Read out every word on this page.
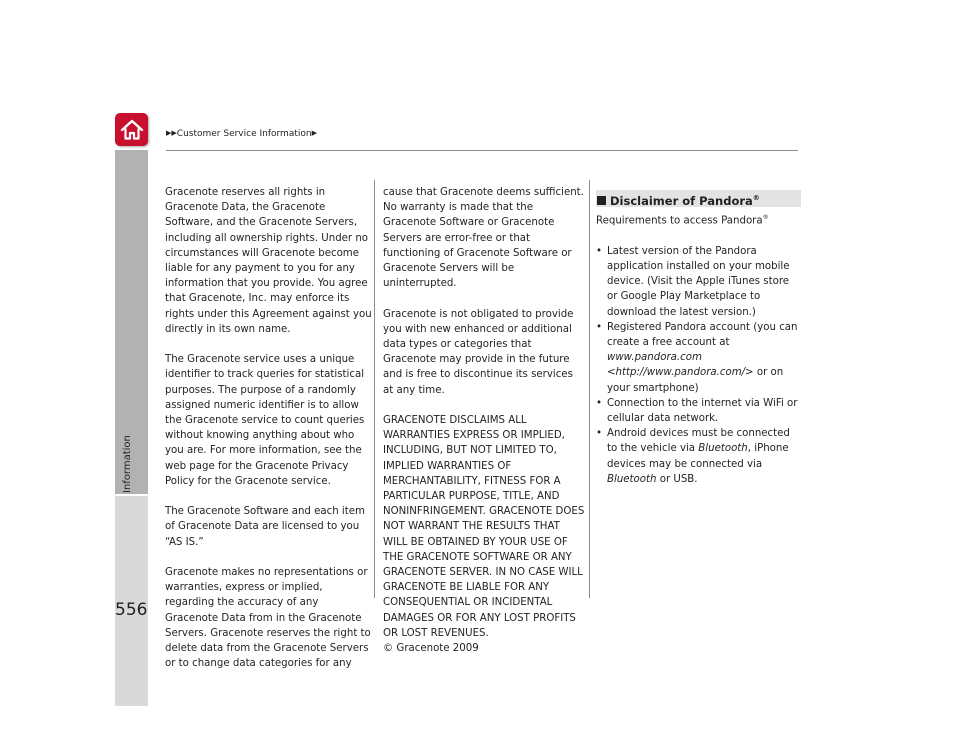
▶▶Customer Service Information▶
Information
556

Gracenote reserves all rights in Gracenote Data, the Gracenote Software, and the Gracenote Servers, including all ownership rights. Under no circumstances will Gracenote become liable for any payment to you for any information that you provide. You agree that Gracenote, Inc. may enforce its rights under this Agreement against you directly in its own name.

The Gracenote service uses a unique identifier to track queries for statistical purposes. The purpose of a randomly assigned numeric identifier is to allow the Gracenote service to count queries without knowing anything about who you are. For more information, see the web page for the Gracenote Privacy Policy for the Gracenote service.

The Gracenote Software and each item of Gracenote Data are licensed to you “AS IS.”

Gracenote makes no representations or warranties, express or implied, regarding the accuracy of any Gracenote Data from in the Gracenote Servers. Gracenote reserves the right to delete data from the Gracenote Servers or to change data categories for any

cause that Gracenote deems sufficient. No warranty is made that the Gracenote Software or Gracenote Servers are error-free or that functioning of Gracenote Software or Gracenote Servers will be uninterrupted.

Gracenote is not obligated to provide you with new enhanced or additional data types or categories that Gracenote may provide in the future and is free to discontinue its services at any time.

GRACENOTE DISCLAIMS ALL WARRANTIES EXPRESS OR IMPLIED, INCLUDING, BUT NOT LIMITED TO, IMPLIED WARRANTIES OF MERCHANTABILITY, FITNESS FOR A PARTICULAR PURPOSE, TITLE, AND NONINFRINGEMENT. GRACENOTE DOES NOT WARRANT THE RESULTS THAT WILL BE OBTAINED BY YOUR USE OF THE GRACENOTE SOFTWARE OR ANY GRACENOTE SERVER. IN NO CASE WILL GRACENOTE BE LIABLE FOR ANY CONSEQUENTIAL OR INCIDENTAL DAMAGES OR FOR ANY LOST PROFITS OR LOST REVENUES.

© Gracenote 2009

Disclaimer of Pandora®

Requirements to access Pandora®

• Latest version of the Pandora application installed on your mobile device. (Visit the Apple iTunes store or Google Play Marketplace to download the latest version.)
• Registered Pandora account (you can create a free account at www.pandora.com <http://www.pandora.com/> or on your smartphone)
• Connection to the internet via WiFi or cellular data network.
• Android devices must be connected to the vehicle via Bluetooth, iPhone devices may be connected via Bluetooth or USB.
